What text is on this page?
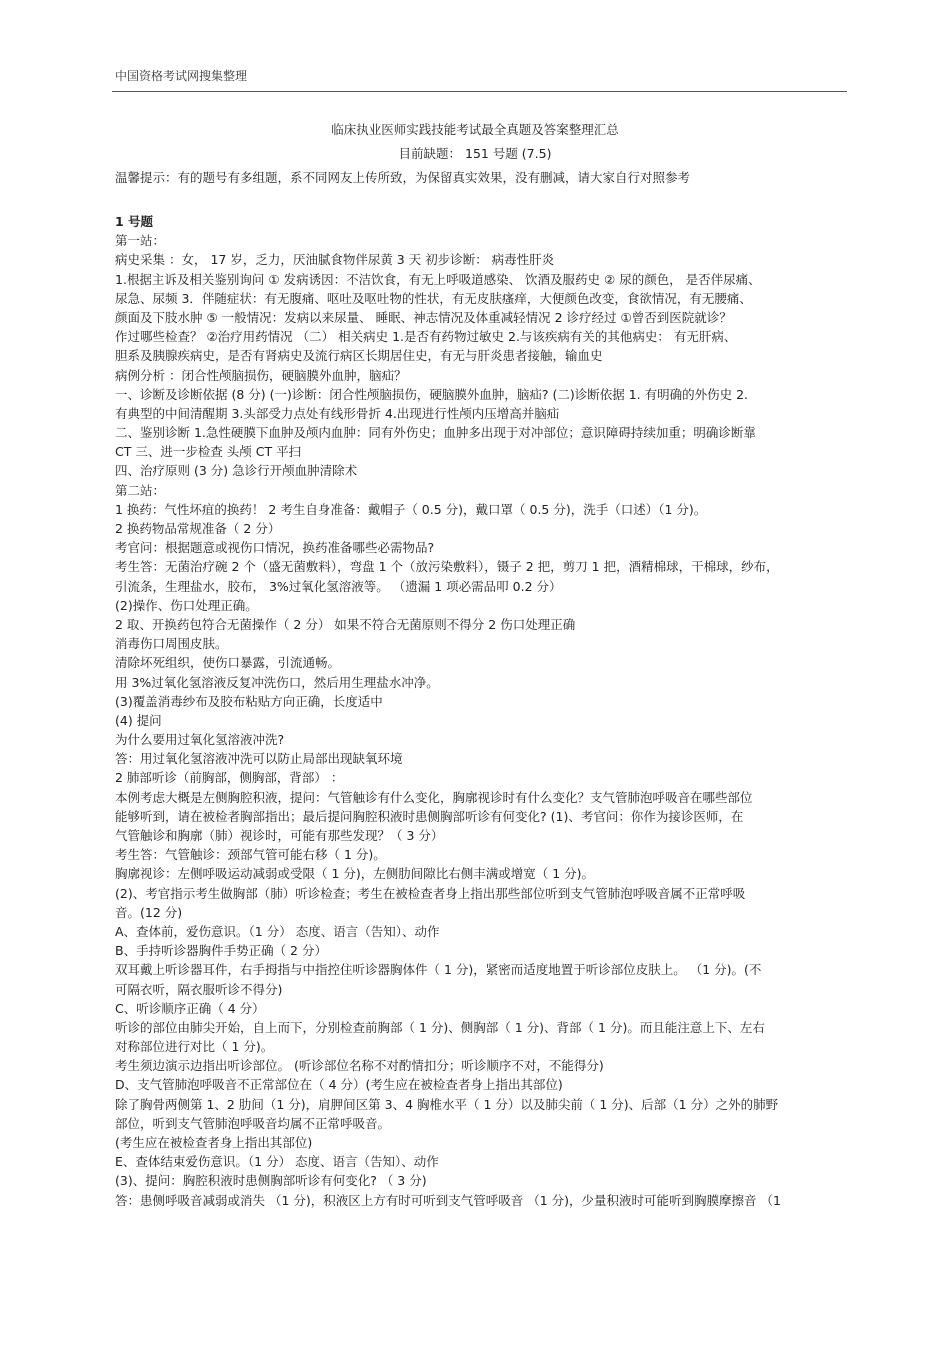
中国资格考试网搜集整理
临床执业医师实践技能考试最全真题及答案整理汇总
目前缺题： 151 号题 (7.5)
温馨提示：有的题号有多组题，系不同网友上传所致，为保留真实效果，没有删减，请大家自行对照参考
1 号题
第一站：
病史采集 ：女， 17 岁，乏力，厌油腻食物伴尿黄 3 天 初步诊断： 病毒性肝炎
1.根据主诉及相关鉴别询问 ① 发病诱因：不洁饮食，有无上呼吸道感染、 饮酒及服药史 ② 尿的颜色， 是否伴尿痛、
尿急、尿频 3．伴随症状：有无腹痛、呕吐及呕吐物的性状，有无皮肤瘙痒，大便颜色改变，食欲情况，有无腰痛、
颜面及下肢水肿 ⑤ 一般情况：发病以来尿量、 睡眠、神志情况及体重减轻情况 2 诊疗经过 ①曾否到医院就诊？
作过哪些检查？ ②治疗用药情况 （二） 相关病史 1.是否有药物过敏史 2.与该疾病有关的其他病史： 有无肝病、
胆系及胰腺疾病史，是否有肾病史及流行病区长期居住史，有无与肝炎患者接触，输血史
病例分析 ：闭合性颅脑损伤，硬脑膜外血肿，脑疝？
一、诊断及诊断依据 (8 分) (一)诊断：闭合性颅脑损伤，硬脑膜外血肿，脑疝? (二)诊断依据 1. 有明确的外伤史 2.
有典型的中间清醒期 3.头部受力点处有线形骨折 4.出现进行性颅内压增高并脑疝
二、鉴别诊断 1.急性硬膜下血肿及颅内血肿：同有外伤史；血肿多出现于对冲部位；意识障碍持续加重；明确诊断靠
CT 三、进一步检查 头颅 CT 平扫
四、治疗原则 (3 分) 急诊行开颅血肿清除术
第二站：
1 换药：气性坏疽的换药！ 2 考生自身准备：戴帽子（ 0.5 分)，戴口罩（ 0.5 分)，洗手（口述）（1 分)。
2 换药物品常规准备（ 2 分）
考官问：根据题意或视伤口情况，换药准备哪些必需物品?
考生答：无菌治疗碗 2 个（盛无菌敷料），弯盘 1 个（放污染敷料），镊子 2 把，剪刀 1 把，酒精棉球，干棉球，纱布，
引流条，生理盐水，胶布， 3%过氧化氢溶液等。 （遗漏 1 项必需品叩 0.2 分）
(2)操作、伤口处理正确。
2 取、开换药包符合无菌操作（ 2 分） 如果不符合无菌原则不得分 2 伤口处理正确
消毒伤口周围皮肤。
清除坏死组织，使伤口暴露，引流通畅。
用 3%过氧化氢溶液反复冲洗伤口，然后用生理盐水冲净。
(3)覆盖消毒纱布及胶布粘贴方向正确，长度适中
(4) 提问
为什么要用过氧化氢溶液冲洗?
答：用过氧化氢溶液冲洗可以防止局部出现缺氧环境
2 肺部听诊（前胸部，侧胸部，背部） ：
本例考虑大概是左侧胸腔积液，提问：气管触诊有什么变化，胸廓视诊时有什么变化？支气管肺泡呼吸音在哪些部位
能够听到，请在被检者胸部指出；最后提问胸腔积液时患侧胸部听诊有何变化? (1)、考官问：你作为接诊医师，在
气管触诊和胸廓（肺）视诊时，可能有那些发现？（ 3 分）
考生答：气管触诊：颈部气管可能右移（ 1 分)。
胸廓视诊：左侧呼吸运动减弱或受限（ 1 分)，左侧肋间隙比右侧丰满或增宽（ 1 分)。
(2)、考官指示考生做胸部（肺）听诊检查；考生在被检查者身上指出那些部位听到支气管肺泡呼吸音属不正常呼吸
音。(12 分)
A、查体前，爱伤意识。（1 分） 态度、语言（告知）、动作
B、手持听诊器胸件手势正确（ 2 分）
双耳戴上听诊器耳件，右手拇指与中指控住听诊器胸体件（ 1 分)，紧密而适度地置于听诊部位皮肤上。 （1 分)。(不
可隔衣听，隔衣服听诊不得分)
C、听诊顺序正确（ 4 分）
听诊的部位由肺尖开始，自上而下，分别检查前胸部（ 1 分)、侧胸部（ 1 分)、背部（ 1 分)。而且能注意上下、左右
对称部位进行对比（ 1 分)。
考生须边演示边指出听诊部位。 (听诊部位名称不对酌情扣分；听诊顺序不对，不能得分)
D、支气管肺泡呼吸音不正常部位在（ 4 分）(考生应在被检查者身上指出其部位)
除了胸骨两侧第 1、2 肋间（1 分)，肩胛间区第 3、4 胸椎水平（ 1 分）以及肺尖前（ 1 分)、后部（1 分）之外的肺野
部位，听到支气管肺泡呼吸音均属不正常呼吸音。
(考生应在被检查者身上指出其部位)
E、查体结束爱伤意识。（1 分） 态度、语言（告知）、动作
(3)、提问：胸腔积液时患侧胸部听诊有何变化? （ 3 分)
答：患侧呼吸音减弱或消失 （1 分)，积液区上方有时可听到支气管呼吸音 （1 分)，少量积液时可能听到胸膜摩擦音 （1
